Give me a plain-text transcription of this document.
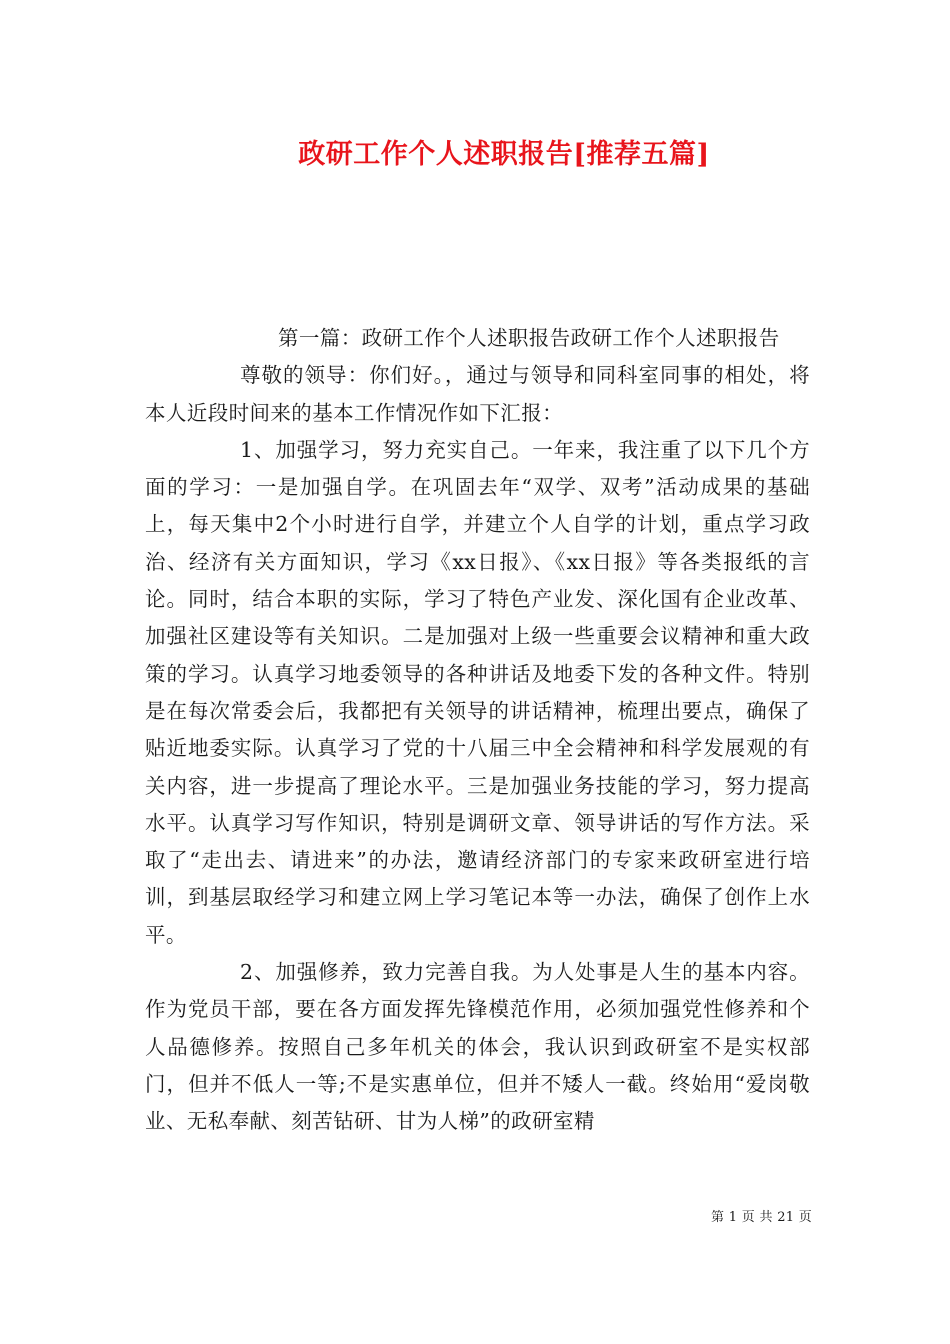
政研工作个人述职报告[推荐五篇]

第一篇：政研工作个人述职报告政研工作个人述职报告

尊敬的领导：你们好。，通过与领导和同科室同事的相处，将本人近段时间来的基本工作情况作如下汇报：

1、加强学习，努力充实自己。一年来，我注重了以下几个方面的学习：一是加强自学。在巩固去年“双学、双考”活动成果的基础上，每天集中2个小时进行自学，并建立个人自学的计划，重点学习政治、经济有关方面知识，学习《xx日报》、《xx日报》等各类报纸的言论。同时，结合本职的实际，学习了特色产业发、深化国有企业改革、加强社区建设等有关知识。二是加强对上级一些重要会议精神和重大政策的学习。认真学习地委领导的各种讲话及地委下发的各种文件。特别是在每次常委会后，我都把有关领导的讲话精神，梳理出要点，确保了贴近地委实际。认真学习了党的十八届三中全会精神和科学发展观的有关内容，进一步提高了理论水平。三是加强业务技能的学习，努力提高水平。认真学习写作知识，特别是调研文章、领导讲话的写作方法。采取了“走出去、请进来”的办法，邀请经济部门的专家来政研室进行培训，到基层取经学习和建立网上学习笔记本等一办法，确保了创作上水平。

2、加强修养，致力完善自我。为人处事是人生的基本内容。作为党员干部，要在各方面发挥先锋模范作用，必须加强党性修养和个人品德修养。按照自己多年机关的体会，我认识到政研室不是实权部门，但并不低人一等;不是实惠单位，但并不矮人一截。终始用“爱岗敬业、无私奉献、刻苦钻研、甘为人梯”的政研室精

第 1 页 共 21 页
